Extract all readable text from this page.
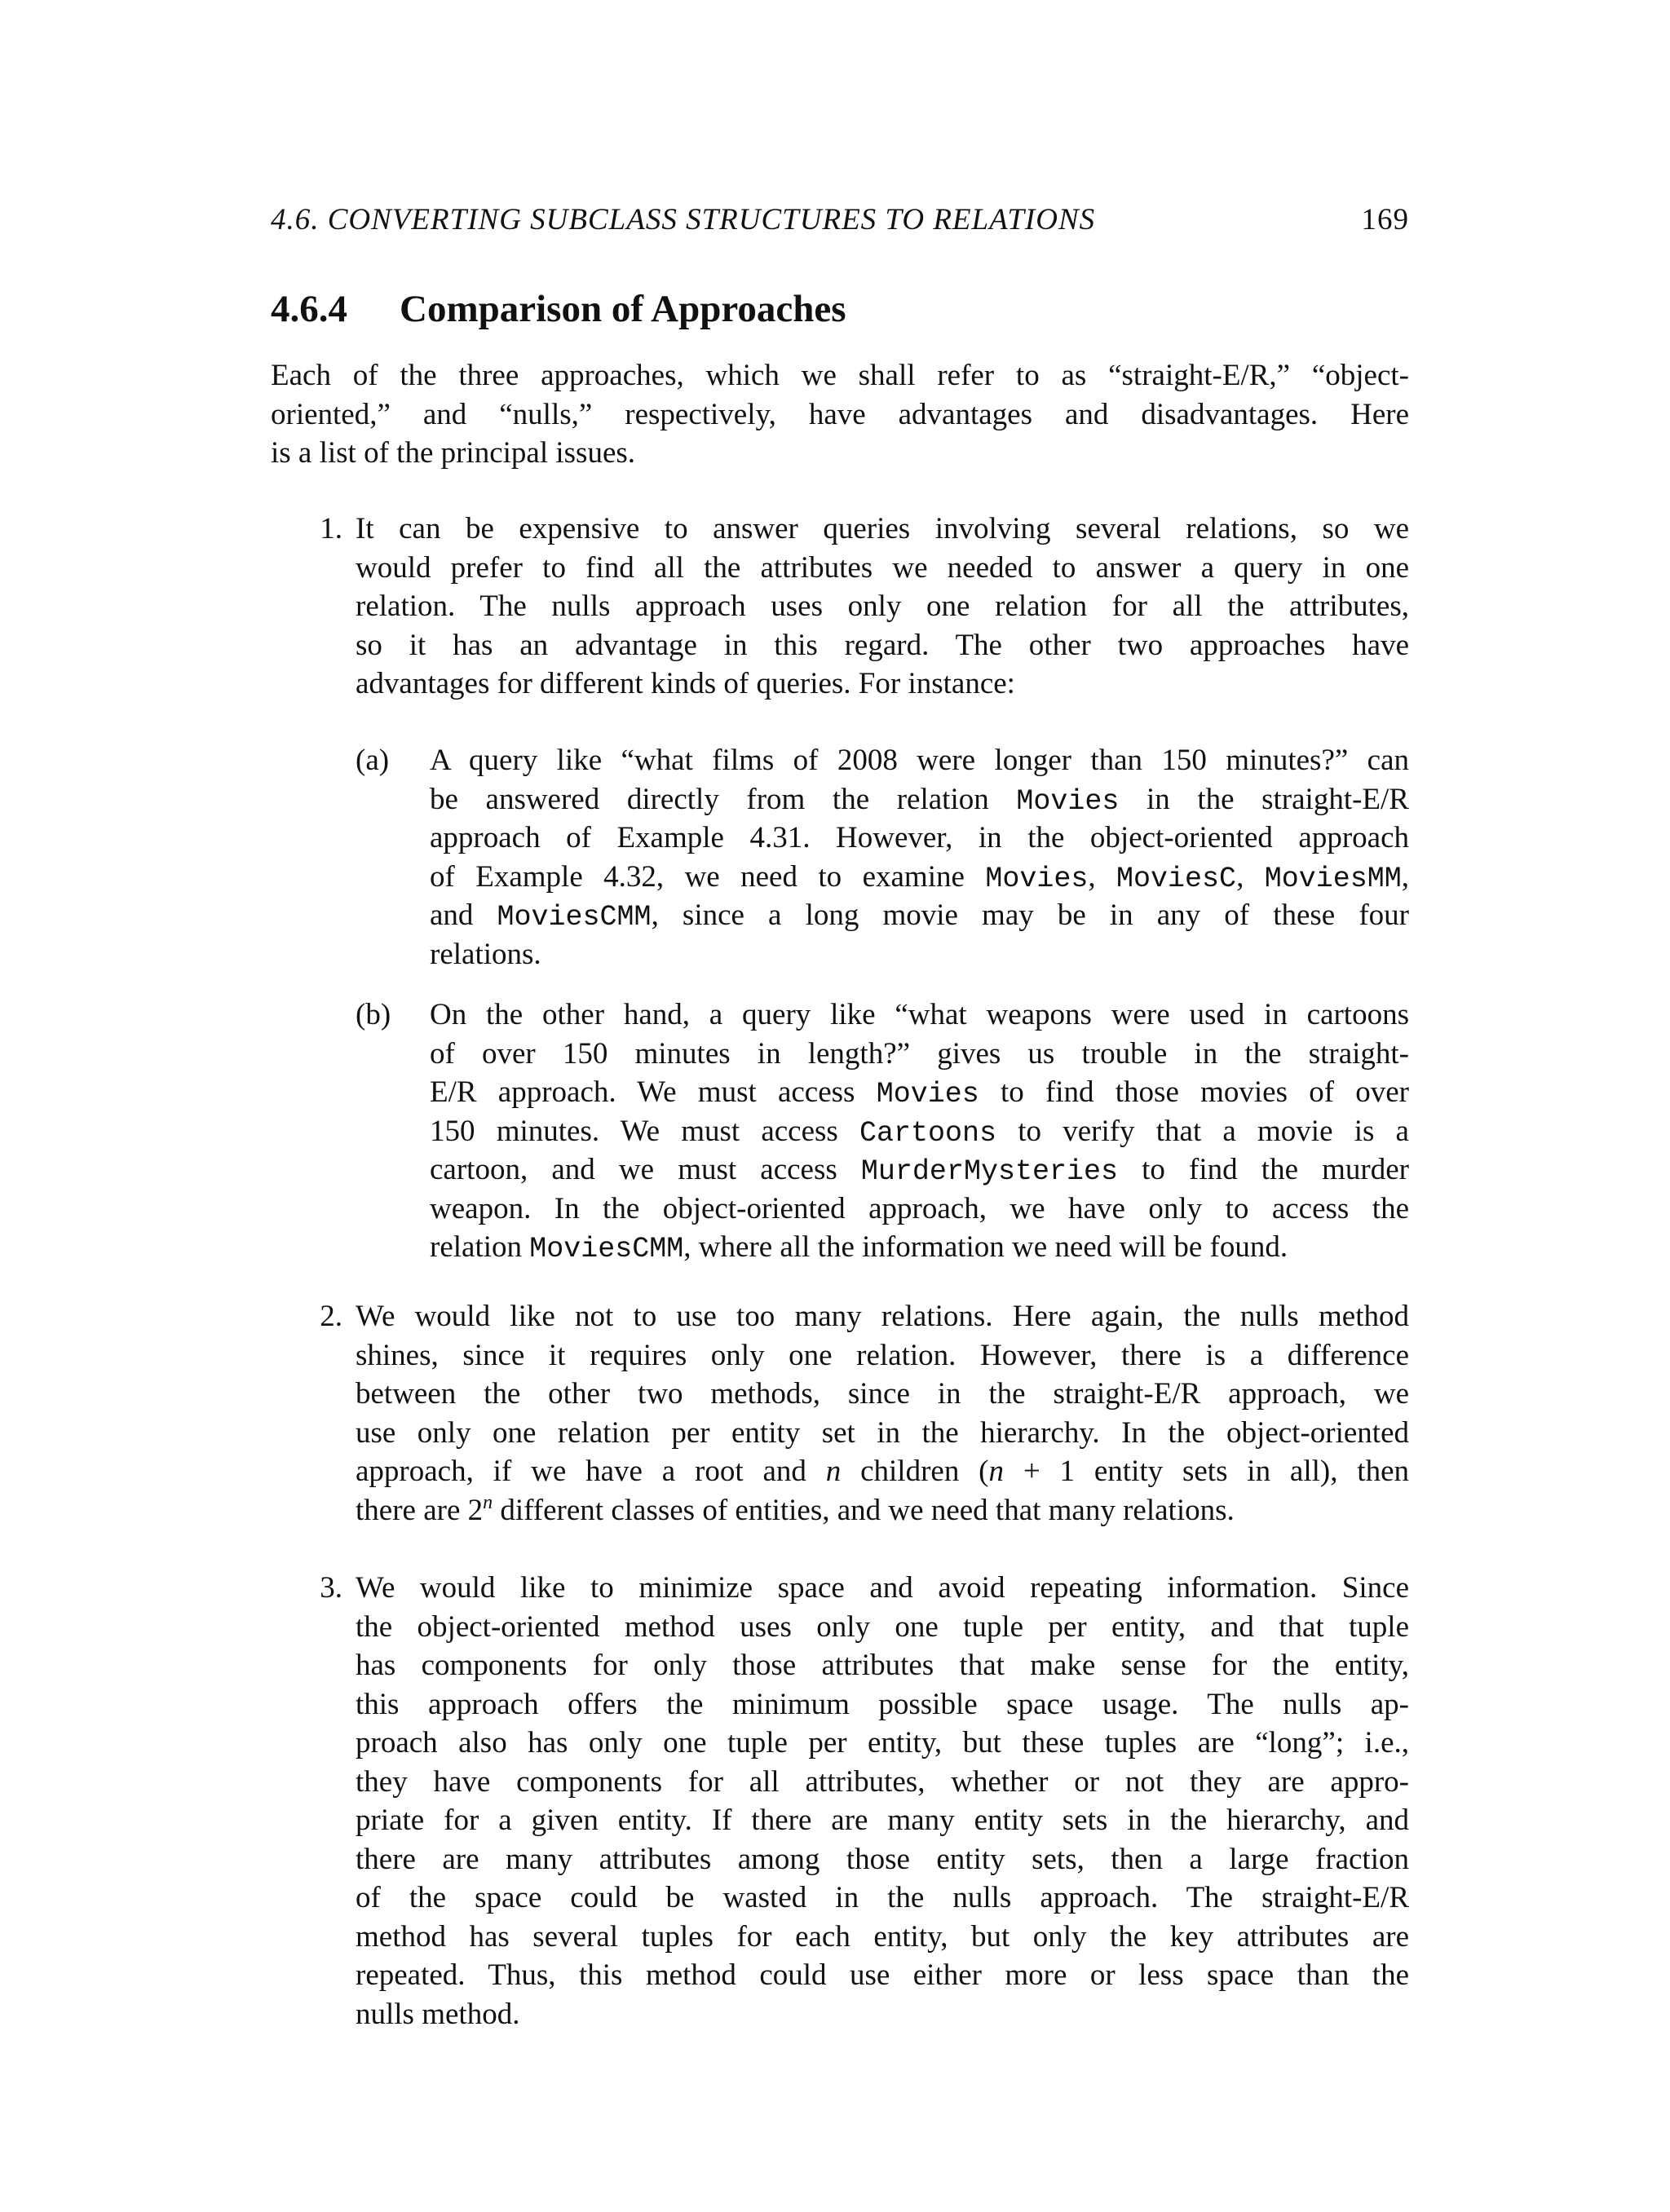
4.6. CONVERTING SUBCLASS STRUCTURES TO RELATIONS	169
4.6.4 Comparison of Approaches
Each of the three approaches, which we shall refer to as “straight-E/R,” “object-
oriented,” and “nulls,” respectively, have advantages and disadvantages. Here
is a list of the principal issues.
1. It can be expensive to answer queries involving several relations, so we
would prefer to find all the attributes we needed to answer a query in one
relation. The nulls approach uses only one relation for all the attributes,
so it has an advantage in this regard. The other two approaches have
advantages for different kinds of queries. For instance:
(a)	A query like “what films of 2008 were longer than 150 minutes?” can
be answered directly from the relation Movies in the straight-E/R
approach of Example 4.31. However, in the object-oriented approach
of Example 4.32, we need to examine Movies, MoviesC, MoviesMM,
and MoviesCMM, since a long movie may be in any of these four
relations.
(b)	On the other hand, a query like “what weapons were used in cartoons
of over 150 minutes in length?” gives us trouble in the straight-
E/R approach. We must access Movies to find those movies of over
150 minutes. We must access Cartoons to verify that a movie is a
cartoon, and we must access MurderMysteries to find the murder
weapon. In the object-oriented approach, we have only to access the
relation MoviesCMM, where all the information we need will be found.
2. We would like not to use too many relations. Here again, the nulls method
shines, since it requires only one relation. However, there is a difference
between the other two methods, since in the straight-E/R approach, we
use only one relation per entity set in the hierarchy. In the object-oriented
approach, if we have a root and n children (n + 1 entity sets in all), then
there are 2$^n$ different classes of entities, and we need that many relations.
3. We would like to minimize space and avoid repeating information. Since
the object-oriented method uses only one tuple per entity, and that tuple
has components for only those attributes that make sense for the entity,
this approach offers the minimum possible space usage. The nulls ap-
proach also has only one tuple per entity, but these tuples are “long”; i.e.,
they have components for all attributes, whether or not they are appro-
priate for a given entity. If there are many entity sets in the hierarchy, and
there are many attributes among those entity sets, then a large fraction
of the space could be wasted in the nulls approach. The straight-E/R
method has several tuples for each entity, but only the key attributes are
repeated. Thus, this method could use either more or less space than the
nulls method.
